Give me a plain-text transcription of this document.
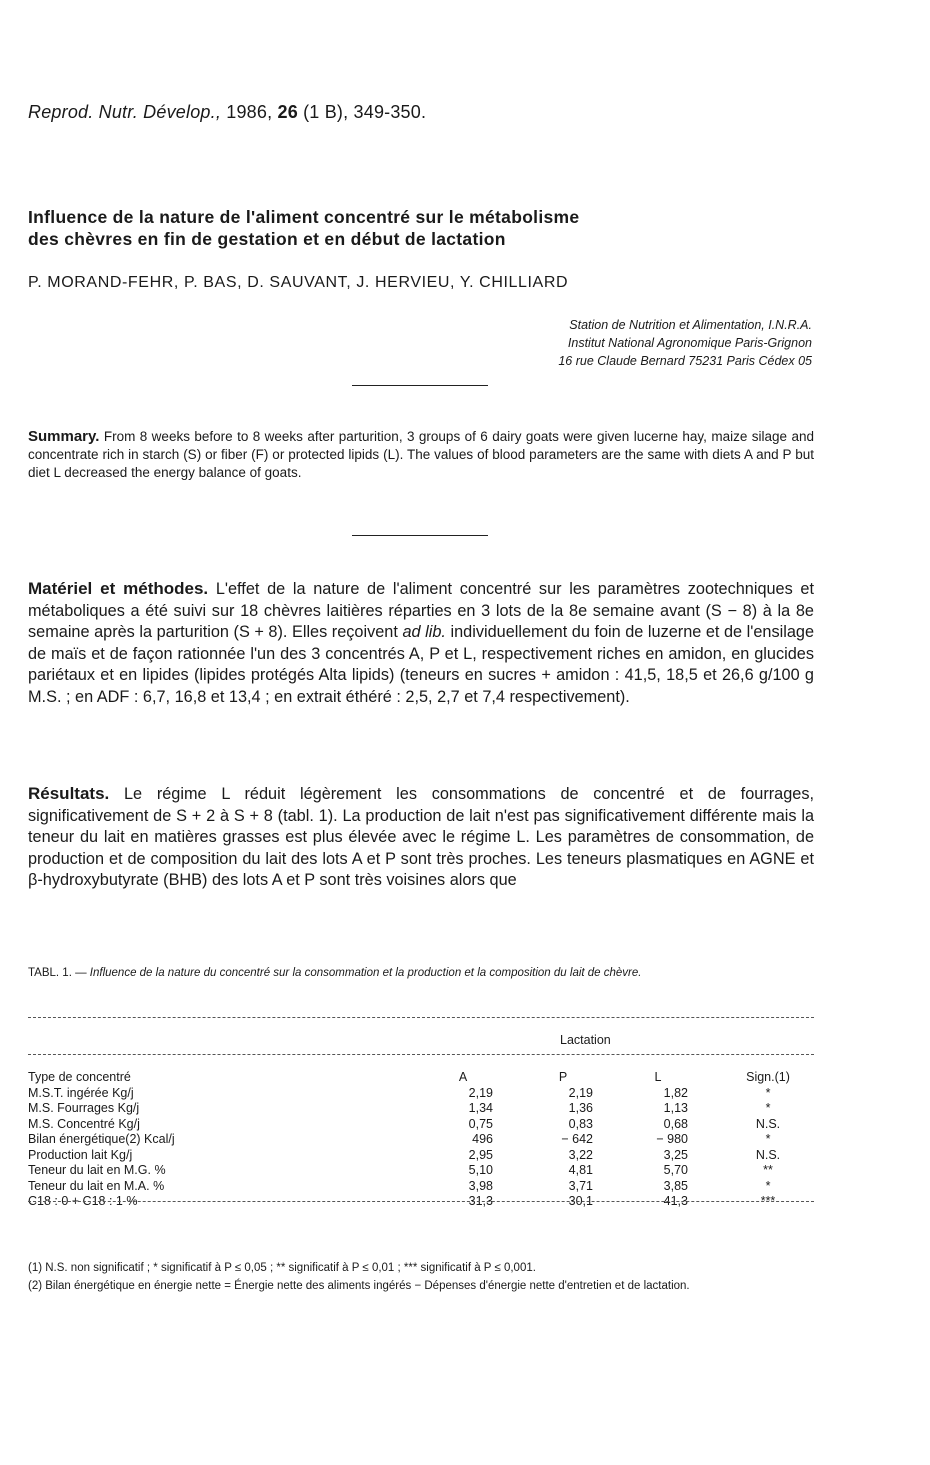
Reprod. Nutr. Dévelop., 1986, 26 (1 B), 349-350.
Influence de la nature de l'aliment concentré sur le métabolisme
des chèvres en fin de gestation et en début de lactation
P. MORAND-FEHR, P. BAS, D. SAUVANT, J. HERVIEU, Y. CHILLIARD
Station de Nutrition et Alimentation, I.N.R.A.
Institut National Agronomique Paris-Grignon
16 rue Claude Bernard 75231 Paris Cédex 05
Summary. From 8 weeks before to 8 weeks after parturition, 3 groups of 6 dairy goats were given lucerne hay, maize silage and concentrate rich in starch (S) or fiber (F) or protected lipids (L). The values of blood parameters are the same with diets A and P but diet L decreased the energy balance of goats.
Matériel et méthodes. L'effet de la nature de l'aliment concentré sur les paramètres zootechniques et métaboliques a été suivi sur 18 chèvres laitières réparties en 3 lots de la 8e semaine avant (S − 8) à la 8e semaine après la parturition (S + 8). Elles reçoivent ad lib. individuellement du foin de luzerne et de l'ensilage de maïs et de façon rationnée l'un des 3 concentrés A, P et L, respectivement riches en amidon, en glucides pariétaux et en lipides (lipides protégés Alta lipids) (teneurs en sucres + amidon : 41,5, 18,5 et 26,6 g/100 g M.S. ; en ADF : 6,7, 16,8 et 13,4 ; en extrait éthéré : 2,5, 2,7 et 7,4 respectivement).
Résultats. Le régime L réduit légèrement les consommations de concentré et de fourrages, significativement de S + 2 à S + 8 (tabl. 1). La production de lait n'est pas significativement différente mais la teneur du lait en matières grasses est plus élevée avec le régime L. Les paramètres de consommation, de production et de composition du lait des lots A et P sont très proches. Les teneurs plasmatiques en AGNE et β-hydroxybutyrate (BHB) des lots A et P sont très voisines alors que
TABL. 1. — Influence de la nature du concentré sur la consommation et la production et la composition du lait de chèvre.
Lactation
Type de concentré	A	P	L	Sign.(1)
M.S.T. ingérée Kg/j	2,19	2,19	1,82	*
M.S. Fourrages Kg/j	1,34	1,36	1,13	*
M.S. Concentré Kg/j	0,75	0,83	0,68	N.S.
Bilan énergétique(2) Kcal/j	496	− 642	− 980	*
Production lait Kg/j	2,95	3,22	3,25	N.S.
Teneur du lait en M.G. %	5,10	4,81	5,70	**
Teneur du lait en M.A. %	3,98	3,71	3,85	*
C18 : 0 + C18 : 1 %	31,3	30,1	41,3	***

(1) N.S. non significatif ; * significatif à P ≤ 0,05 ; ** significatif à P ≤ 0,01 ; *** significatif à P ≤ 0,001.

(2) Bilan énergétique en énergie nette = Énergie nette des aliments ingérés − Dépenses d'énergie nette d'entretien et de lactation.
